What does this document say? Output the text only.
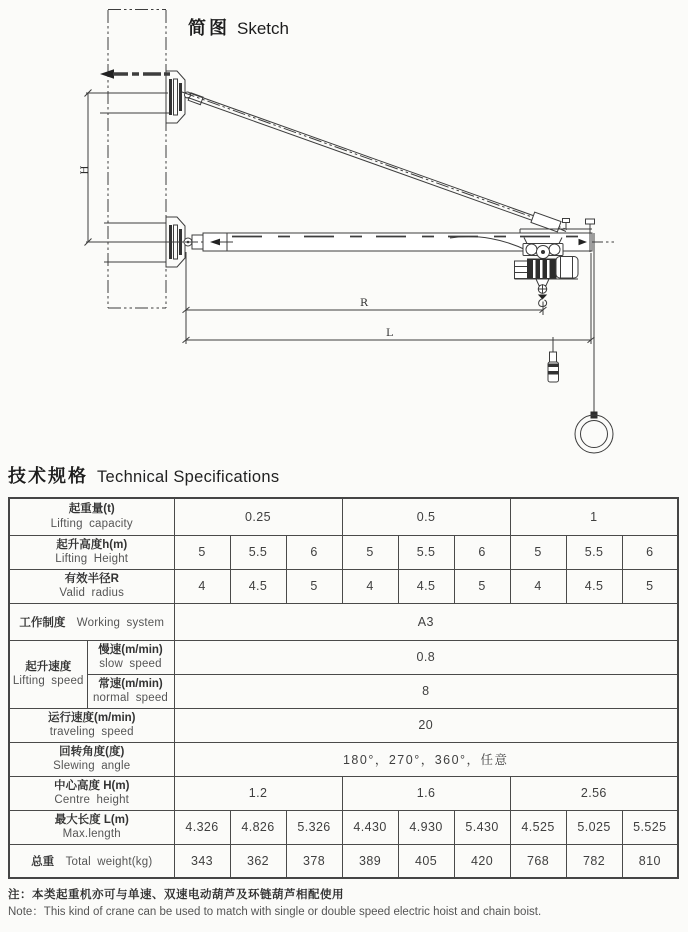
简图 Sketch
H
R
L
技术规格 Technical Specifications
起重量(t)
Lifting capacity		0.25			0.5			1		

起升高度h(m)
Lifting Height		5	5.5	6	5	5.5	6	5	5.5	6

有效半径R
Valid radius		4	4.5	5	4	4.5	5	4	4.5	5
工作制度 Working system		A3								

起升速度
Lifting speed

慢速(m/min)
slow speed	0.8

	常速(m/min)
normal speed	8								

运行速度(m/min)
traveling speed		20								

回转角度(度)
Slewing angle		180°，270°，360°，任意								

中心高度 H(m)
Centre height		1.2			1.6			2.56		

最大长度 L(m)
Max.length		4.326	4.826	5.326	4.430	4.930	5.430	4.525	5.025	5.525
总重 Total weight(kg)		343	362	378	389	405	420	768	782	810
注：本类起重机亦可与单速、双速电动葫芦及环链葫芦相配使用
Note：This kind of crane can be used to match with single or double speed electric hoist and chain boist.
